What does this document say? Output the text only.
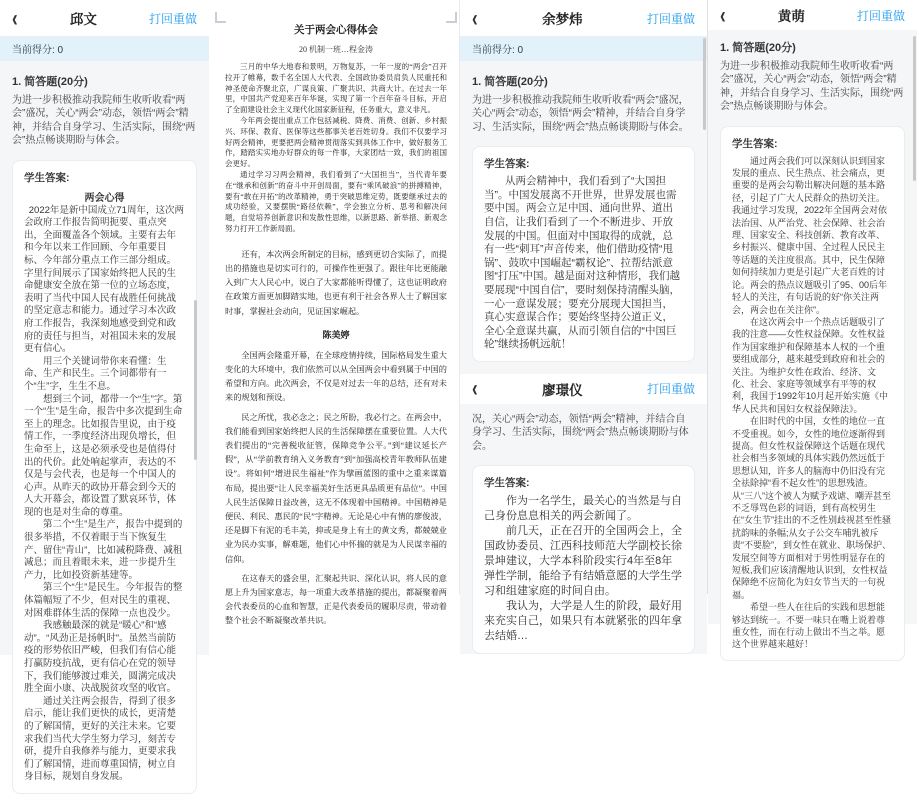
‹	邱文	打回重做
当前得分: 0
1. 简答题(20分)
为进一步积极推动我院师生收听收看“两会”盛况，关心“两会”动态，领悟“两会”精神，并结合自身学习、生活实际，围绕“两会”热点畅谈期盼与体会。
学生答案:
两会心得

2022年是新中国成立71周年，这次两会政府工作报告简明扼要、重点突出，全面覆盖各个领域。主要有去年和今年以来工作回顾、今年重要目标、今年部分重点工作三部分组成。字里行间展示了国家始终把人民的生命健康安全放在第一位的立场态度，表明了当代中国人民有战胜任何挑战的坚定意志和能力。通过学习本次政府工作报告，我深刻地感受到党和政府的责任与担当，对祖国未来的发展更有信心。

用三个关键词带你来看懂：生命、生产和民生。三个词都带有一个“生”字，生生不息。

想到三个词，都带一个“生”字。第一个“生”是生命，报告中多次提到生命至上的理念。比如报告里说，由于疫情工作，一季度经济出现负增长，但生命至上，这是必须承受也是值得付出的代价。此处响起掌声，表达的不仅是与会代表，也是每一个中国人的心声。从昨天的政协开幕会到今天的人大开幕会，都设置了默哀环节，体现的也是对生命的尊重。

第二个“生”是生产，报告中提到的很多举措，不仅着眼于当下恢复生产、留住“青山”，比如减税降费、减租减息；而且着眼未来，进一步提升生产力，比如投资新基建等。

第三个“生”是民生。今年报告的整体篇幅短了不少，但对民生的重视、对困难群体生活的保障一点也没少。

我感触最深的就是“暖心”和“感动”。“风劲正是扬帆时”。虽然当前防疫的形势依旧严峻，但我们有信心能打赢防疫抗战，更有信心在党的领导下，我们能够渡过难关，圆满完成决胜全面小康、决战脱贫攻坚的收官。

通过关注两会报告，得到了很多启示，能让我们更快的成长，更清楚的了解国情，更好的关注未来。它要求我们当代大学生努力学习，刻苦专研，提升自我修养与能力，更要求我们了解国情，进而尊重国情，树立自身目标，规划自身发展。

关于两会心得体会
20 机制一班…程金涛

三月的中华大地春和景明，万物复苏，一年一度的“两会”召开拉开了帷幕，数千名全国人大代表、全国政协委员肩负人民重托和神圣使命齐聚北京，广谋良策、广聚共识、共商大计。在过去一年里，中国共产党迎来百年华诞，实现了第一个百年奋斗目标，开启了全面建设社会主义现代化国家新征程，任务重大，意义非凡。

今年两会提出重点工作包括减税、降费、消费、创新、乡村振兴、环保、教育、医保等这些都事关老百姓切身。我们不仅要学习好两会精神，更要把两会精神贯彻落实到具体工作中，做好服务工作，踏踏实实地办好群众的每一件事，大家团结一致，我们的祖国会更好。

通过学习习两会精神，我们看到了“大国担当”，当代青年要在“继承和创新”的奋斗中开创局面，要有“乘风破浪”的拼搏精神，要有“敢在开拓”的改革精神，勇于突破思维定势，既要继承过去的成功经验，又要摆脱“路径依赖”，学会独立分析、思考和解决问题，自觉培养创新意识和发散性思维，以新思路、新举措、新观念努力打开工作新局面。

还有，本次两会所制定的目标，感到更切合实际了，而提出的措施也是切实可行的，可操作性更强了。跟往年比更能融入到广大人民心中，说白了大家都能听得懂了，这也证明政府在政策方面更加脚踏实地，也更有利于社会各界人士了解国家时事，掌握社会动向，见证国家崛起。

陈美婷

全国两会隆重开幕，在全球疫情持续，国际格局发生重大变化的大环境中，我们依然可以从全国两会中看到属于中国的希望和方向。此次两会，不仅是对过去一年的总结，还有对未来的规划和预设。

民之所忧，我必念之；民之所盼，我必行之。在两会中，我们能看到国家始终把人民的生活保障摆在重要位置。人大代表们提出的“完善税收征管，保障竞争公平。”到“建议延长产假”，从“学前教育纳入义务教育”到“加强高校青年教师队伍建设”。将如何“增进民生福祉”作为擘画蓝图的重中之重来谋篇布局，提出要“让人民幸福美好生活更具品质更有品位”。中国人民生活保障日益改善，这无不体现着中国精神。中国精神是便民、利民、惠民的“民”字精神。无论是心中有情的廖俊波，还是脚下有泥的毛丰美，抑或是身上有土的黄文秀，都兢兢业业为民办实事，解难题，他们心中怀揣的就是为人民谋幸福的信仰。

在这春天的盛会里，汇聚起共识、深化认识，将人民的意愿上升为国家意志，每一项重大改革措施的提出，都凝聚着两会代表委员的心血和智慧，正是代表委员的履职尽责，带动着整个社会不断凝聚改革共识。

‹	余梦炜	打回重做
当前得分: 0
1. 简答题(20分)
为进一步积极推动我院师生收听收看“两会”盛况，关心“两会”动态，领悟“两会”精神，并结合自身学习、生活实际，围绕“两会”热点畅谈期盼与体会。
学生答案:

从两会精神中，我们看到了“大国担当”。中国发展离不开世界，世界发展也需要中国。两会立足中国、通向世界、道出自信，让我们看到了一个不断进步、开放发展的中国。但面对中国取得的成就，总有一些“刺耳”声音传来，他们借助疫情“甩锅”、鼓吹中国崛起“霸权论”、拉帮结派意图“打压”中国。越是面对这种情形，我们越要展现“中国自信”，要时刻保持清醒头脑，一心一意谋发展；要充分展现大国担当，真心实意谋合作；要始终坚持公道正义，全心全意谋共赢，从而引领自信的“中国巨轮”继续扬帆远航！

‹	廖璟仪	打回重做
况，关心“两会”动态，领悟“两会”精神，并结合自身学习、生活实际，围绕“两会”热点畅谈期盼与体会。
学生答案:

作为一名学生，最关心的当然是与自己身份息息相关的两会新闻了。

前几天，正在召开的全国两会上，全国政协委员、江西科技师范大学副校长徐景坤建议，大学本科阶段实行4年至8年弹性学制，能给予有结婚意愿的大学生学习和组建家庭的时间自由。

我认为，大学是人生的阶段，最好用来充实自己，如果只有本就紧张的四年拿去结婚…

‹	黄萌	打回重做
1. 简答题(20分)
为进一步积极推动我院师生收听收看“两会”盛况，关心“两会”动态，领悟“两会”精神，并结合自身学习、生活实际，围绕“两会”热点畅谈期盼与体会。
学生答案:

通过两会我们可以深刻认识到国家发展的重点、民生热点、社会痛点，更重要的是两会勾勒出解决问题的基本路径，引起了广大人民群众的热切关注。我通过学习发现，2022年全国两会对依法治国、从严治党、社会保障、社会治理、国家安全、科技创新、教育改革、乡村振兴、健康中国、全过程人民民主等话题的关注度很高。其中，民生保障如何持续加力更是引起广大老百姓的讨论。两会的热点议题吸引了95、00后年轻人的关注，有句话说的好“你关注两会，两会也在关注你”。

在这次两会中一个热点话题吸引了我的注意——女性权益保障。女性权益作为国家维护和保障基本人权的一个重要组成部分，越来越受到政府和社会的关注。为维护女性在政治、经济、文化、社会、家庭等领域享有平等的权利，我国于1992年10月起开始实施《中华人民共和国妇女权益保障法》。

在旧时代的中国，女性的地位一直不受重视。如今，女性的地位逐渐得到提高。但女性权益保障这个话题在现代社会相当多领域的具体实践仍然远低于思想认知，许多人的脑海中仍旧没有完全祛除掉“看不起女性”的思想残渣。从“三八”这个被人为赋予戏谑、嘲弄甚至不乏辱骂色彩的词语，到有高校男生在“女生节”挂出的不乏性别歧视甚至性骚扰韵味的条幅;从女子公交车哺乳被斥责“不要脸”，到女性在就业、职场保护、发展空间等方面相对于男性明显存在的短板,我们应该清醒地认识到，女性权益保障绝不应简化为妇女节当天的一句祝福。

希望一些人在往后的实践和思想能够达到统一。不要一味只在嘴上说着尊重女性，而在行动上做出不当之举。愿这个世界越来越好！
